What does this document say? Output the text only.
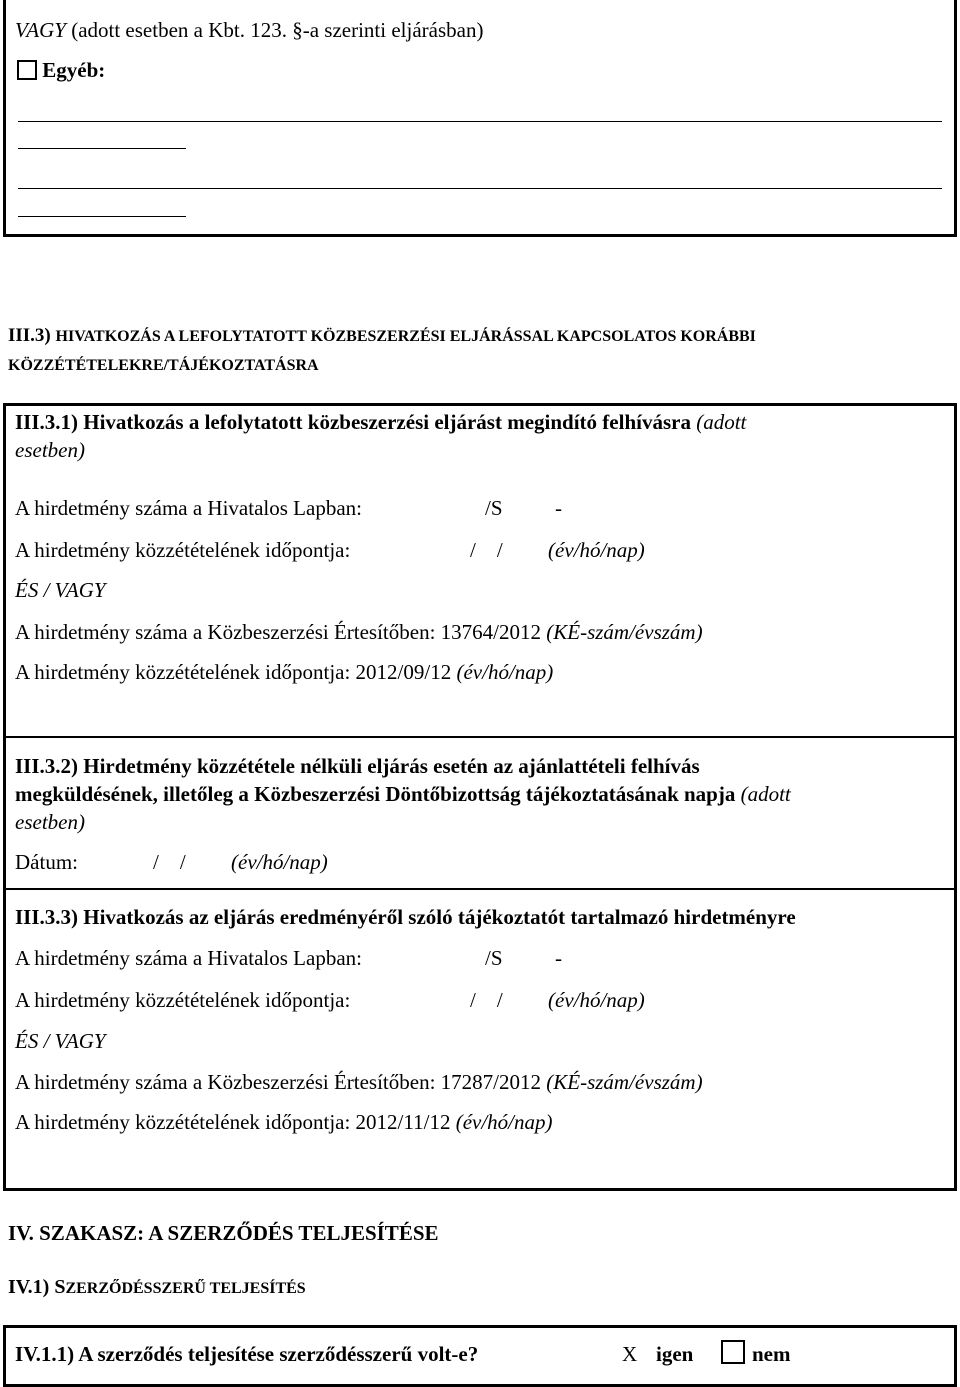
VAGY (adott esetben a Kbt. 123. §-a szerinti eljárásban)
Egyéb:
III.3) HIVATKOZÁS A LEFOLYTATOTT KÖZBESZERZÉSI ELJÁRÁSSAL KAPCSOLATOS KORÁBBI
KÖZZÉTÉTELEKRE/TÁJÉKOZTATÁSRA
III.3.1) Hivatkozás a lefolytatott közbeszerzési eljárást megindító felhívásra (adott
esetben)
A hirdetmény száma a Hivatalos Lapban:	/S -
A hirdetmény közzétételének időpontja:	/    / (év/hó/nap)
ÉS / VAGY
A hirdetmény száma a Közbeszerzési Értesítőben: 13764/2012 (KÉ-szám/évszám)
A hirdetmény közzétételének időpontja: 2012/09/12 (év/hó/nap)
III.3.2) Hirdetmény közzététele nélküli eljárás esetén az ajánlattételi felhívás
megküldésének, illetőleg a Közbeszerzési Döntőbizottság tájékoztatásának napja (adott
esetben)
Dátum:	/    / (év/hó/nap)
III.3.3) Hivatkozás az eljárás eredményéről szóló tájékoztatót tartalmazó hirdetményre
A hirdetmény száma a Hivatalos Lapban:	/S -
A hirdetmény közzétételének időpontja:	/    / (év/hó/nap)
ÉS / VAGY
A hirdetmény száma a Közbeszerzési Értesítőben: 17287/2012 (KÉ-szám/évszám)
A hirdetmény közzétételének időpontja: 2012/11/12 (év/hó/nap)
IV. SZAKASZ: A SZERZŐDÉS TELJESÍTÉSE
IV.1) SZERZŐDÉSSZERŰ TELJESÍTÉS
IV.1.1) A szerződés teljesítése szerződésszerű volt-e?	X igen	nem
